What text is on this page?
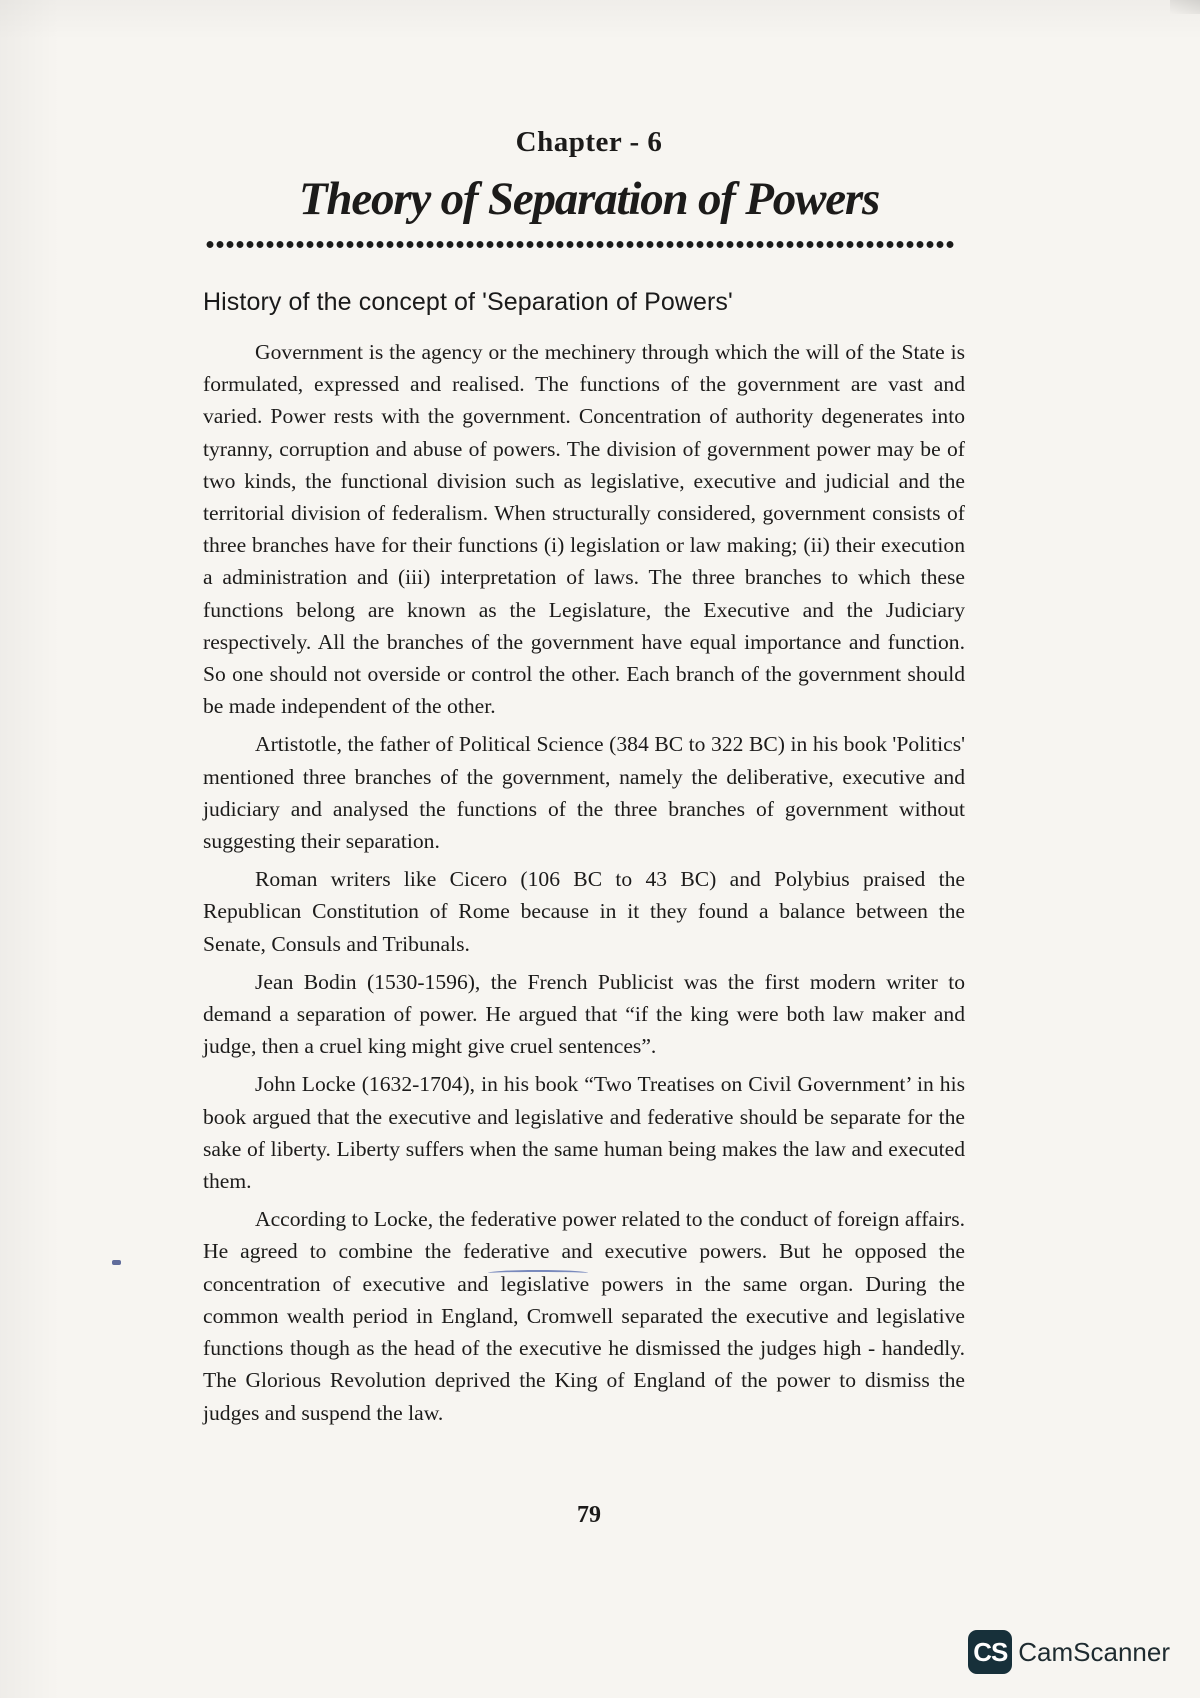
Chapter - 6
Theory of Separation of Powers
History of the concept of 'Separation of Powers'

Government is the agency or the mechinery through which the will of the State is formulated, expressed and realised. The functions of the government are vast and varied. Power rests with the government. Concentration of authority degenerates into tyranny, corruption and abuse of powers. The division of government power may be of two kinds, the functional division such as legislative, executive and judicial and the territorial division of federalism. When structurally considered, government consists of three branches have for their functions (i) legislation or law making; (ii) their execution a administration and (iii) interpretation of laws. The three branches to which these functions belong are known as the Legislature, the Executive and the Judiciary respectively. All the branches of the government have equal importance and function. So one should not overside or control the other. Each branch of the government should be made independent of the other.

Artistotle, the father of Political Science (384 BC to 322 BC) in his book 'Politics' mentioned three branches of the government, namely the deliberative, executive and judiciary and analysed the functions of the three branches of government without suggesting their separation.

Roman writers like Cicero (106 BC to 43 BC) and Polybius praised the Republican Constitution of Rome because in it they found a balance between the Senate, Consuls and Tribunals.

Jean Bodin (1530-1596), the French Publicist was the first modern writer to demand a separation of power. He argued that “if the king were both law maker and judge, then a cruel king might give cruel sentences”.

John Locke (1632-1704), in his book “Two Treatises on Civil Government’ in his book argued that the executive and legislative and federative should be separate for the sake of liberty. Liberty suffers when the same human being makes the law and executed them.

According to Locke, the federative power related to the conduct of foreign affairs. He agreed to combine the federative and executive powers. But he opposed the concentration of executive and legislative powers in the same organ. During the common wealth period in England, Cromwell separated the executive and legislative functions though as the head of the executive he dismissed the judges high - handedly. The Glorious Revolution deprived the King of England of the power to dismiss the judges and suspend the law.

79
CS CamScanner
